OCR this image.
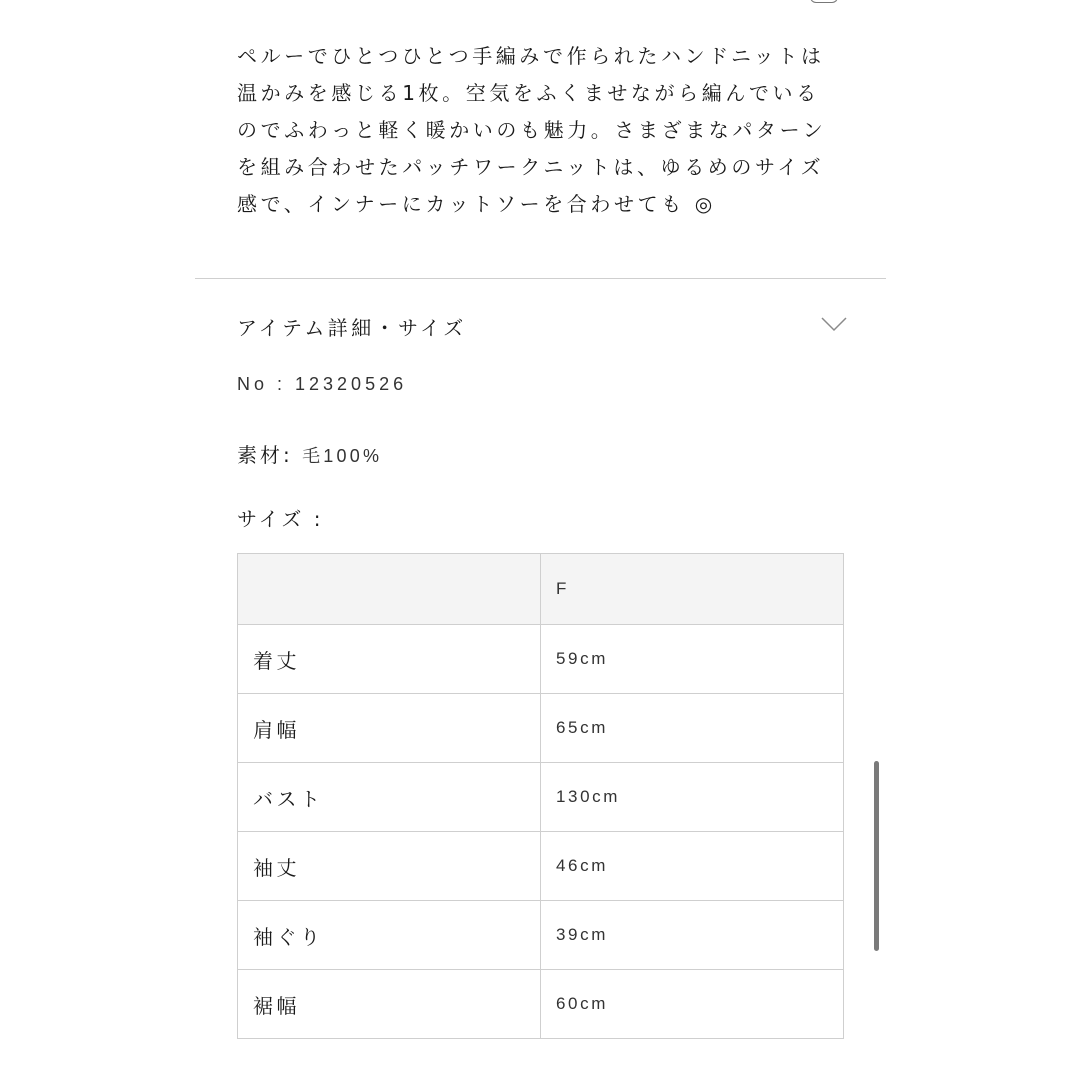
ペルーでひとつひとつ手編みで作られたハンドニットは
温かみを感じる1枚。空気をふくませながら編んでいる
のでふわっと軽く暖かいのも魅力。さまざまなパターン
を組み合わせたパッチワークニットは、ゆるめのサイズ
感で、インナーにカットソーを合わせても ◎
アイテム詳細・サイズ
No : 12320526
素材: 毛100%
サイズ :
	F
着丈	59cm
肩幅	65cm
バスト	130cm
袖丈	46cm
袖ぐり	39cm
裾幅	60cm
